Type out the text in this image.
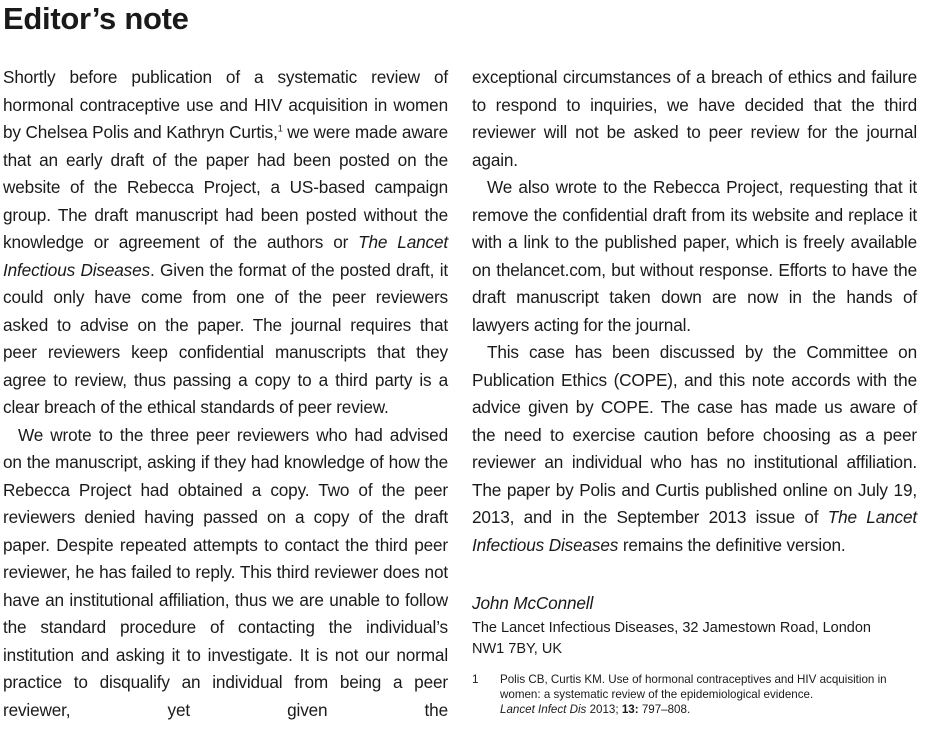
Editor’s note

Shortly before publication of a systematic review of hormonal contraceptive use and HIV acquisition in women by Chelsea Polis and Kathryn Curtis,$^1$ we were made aware that an early draft of the paper had been posted on the website of the Rebecca Project, a US-based campaign group. The draft manuscript had been posted without the knowledge or agreement of the authors or The Lancet Infectious Diseases. Given the format of the posted draft, it could only have come from one of the peer reviewers asked to advise on the paper. The journal requires that peer reviewers keep confidential manuscripts that they agree to review, thus passing a copy to a third party is a clear breach of the ethical standards of peer review.

We wrote to the three peer reviewers who had advised on the manuscript, asking if they had knowledge of how the Rebecca Project had obtained a copy. Two of the peer reviewers denied having passed on a copy of the draft paper. Despite repeated attempts to contact the third peer reviewer, he has failed to reply. This third reviewer does not have an institutional affiliation, thus we are unable to follow the standard procedure of contacting the individual’s institution and asking it to investigate. It is not our normal practice to disqualify an individual from being a peer reviewer, yet given the

exceptional circumstances of a breach of ethics and failure to respond to inquiries, we have decided that the third reviewer will not be asked to peer review for the journal again.

We also wrote to the Rebecca Project, requesting that it remove the confidential draft from its website and replace it with a link to the published paper, which is freely available on thelancet.com, but without response. Efforts to have the draft manuscript taken down are now in the hands of lawyers acting for the journal.

This case has been discussed by the Committee on Publication Ethics (COPE), and this note accords with the advice given by COPE. The case has made us aware of the need to exercise caution before choosing as a peer reviewer an individual who has no institutional affiliation. The paper by Polis and Curtis published online on July 19, 2013, and in the September 2013 issue of The Lancet Infectious Diseases remains the definitive version.

John McConnell
The Lancet Infectious Diseases, 32 Jamestown Road, London NW1 7BY, UK
1	Polis CB, Curtis KM. Use of hormonal contraceptives and HIV acquisition in women: a systematic review of the epidemiological evidence.
Lancet Infect Dis 2013; 13: 797–808.
